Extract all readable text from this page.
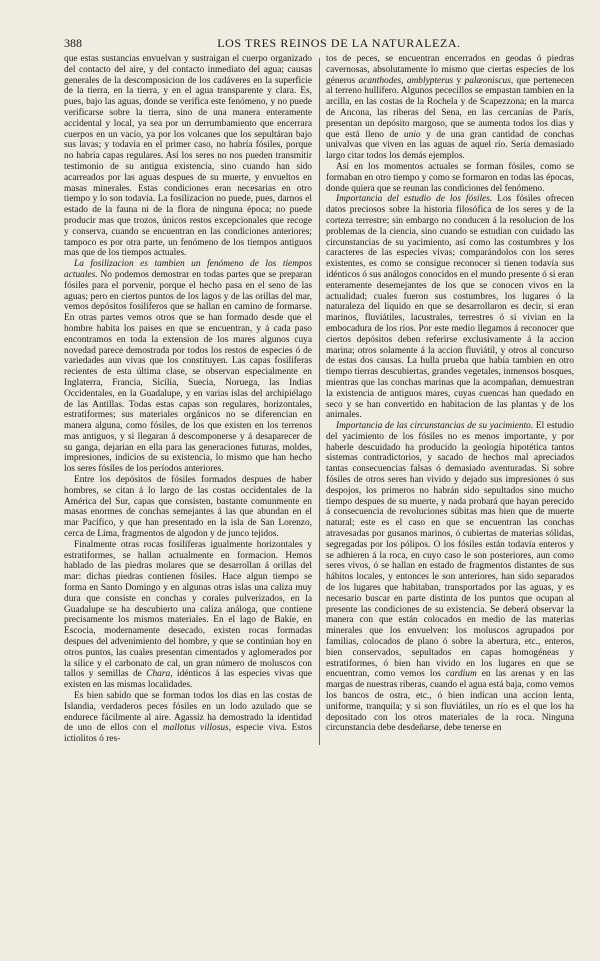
388	LOS TRES REINOS DE LA NATURALEZA.

que estas sustancias envuelvan y sustraigan el cuerpo organizado del contacto del aire, y del contacto inmediato del agua; causas generales de la descomposicion de los cadáveres en la superficie de la tierra, en la tierra, y en el agua transparente y clara. Es, pues, bajo las aguas, donde se verifica este fenómeno, y no puede verificarse sobre la tierra, sino de una manera enteramente accidental y local, ya sea por un derrumbamiento que encerrara cuerpos en un vacío, ya por los volcanes que los sepultáran bajo sus lavas; y todavía en el primer caso, no habría fósiles, porque no habría capas regulares. Así los seres no nos pueden transmitir testimonio de su antigua existencia, sino cuando han sido acarreados por las aguas despues de su muerte, y envueltos en masas minerales. Estas condiciones eran necesarias en otro tiempo y lo son todavía. La fosilizacion no puede, pues, darnos el estado de la fauna ni de la flora de ninguna época; no puede producir mas que trozos, únicos restos excepcionales que recoge y conserva, cuando se encuentran en las condiciones anteriores; tampoco es por otra parte, un fenómeno de los tiempos antiguos mas que de los tiempos actuales.

La fosilizacion es tambien un fenómeno de los tiempos actuales. No podemos demostrar en todas partes que se preparan fósiles para el porvenir, porque el hecho pasa en el seno de las aguas; pero en ciertos puntos de los lagos y de las orillas del mar, vemos depósitos fosilíferos que se hallan en camino de formarse. En otras partes vemos otros que se han formado desde que el hombre habita los paises en que se encuentran, y á cada paso encontramos en toda la extension de los mares algunos cuya novedad parece demostrada por todos los restos de especies ó de variedades aun vivas que los constituyen. Las capas fosilíferas recientes de esta última clase, se observan especialmente en Inglaterra, Francia, Sicilia, Suecia, Noruega, las Indias Occidentales, en la Guadalupe, y en varias islas del archipiélago de las Antillas. Todas estas capas son regulares, horizontales, estratiformes; sus materiales orgánicos no se diferencian en manera alguna, como fósiles, de los que existen en los terrenos mas antiguos, y si llegaran á descomponerse y á desaparecer de su ganga, dejarian en ella para las generaciones futuras, moldes, impresiones, indicios de su existencia, lo mismo que han hecho los seres fósiles de los períodos anteriores.

Entre los depósitos de fósiles formados despues de haber hombres, se citan á lo largo de las costas occidentales de la América del Sur, capas que consisten, bastante comunmente en masas enormes de conchas semejantes á las que abundan en el mar Pacífico, y que han presentado en la isla de San Lorenzo, cerca de Lima, fragmentos de algodon y de junco tejidos.

Finalmente otras rocas fosilíferas igualmente horizontales y estratiformes, se hallan actualmente en formacion. Hemos hablado de las piedras molares que se desarrollan á orillas del mar: dichas piedras contienen fósiles. Hace algun tiempo se forma en Santo Domingo y en algunas otras islas una caliza muy dura que consiste en conchas y corales pulverizados, en la Guadalupe se ha descubierto una caliza análoga, que contiene precisamente los mismos materiales. En el lago de Bakie, en Escocia, modernamente desecado, existen rocas formadas despues del advenimiento del hombre, y que se continúan hoy en otros puntos, las cuales presentan cimentados y aglomerados por la sílice y el carbonato de cal, un gran número de moluscos con tallos y semillas de Chara, idénticos á las especies vivas que existen en las mismas localidades.

Es bien sabido que se forman todos los dias en las costas de Islandia, verdaderos peces fósiles en un lodo azulado que se endurece fácilmente al aire. Agassiz ha demostrado la identidad de uno de ellos con el mallotus villosus, especie viva. Estos ictiolitos ó res-

tos de peces, se encuentran encerrados en geodas ó piedras cavernosas, absolutamente lo mismo que ciertas especies de los géneros acanthodes, amblypterus y palæoniscus, que pertenecen al terreno hullífero. Algunos pececillos se empastan tambien en la arcilla, en las costas de la Rochela y de Scapezzona; en la marca de Ancona, las riberas del Sena, en las cercanías de París, presentan un depósito margoso, que se aumenta todos los dias y que está lleno de unio y de una gran cantidad de conchas univalvas que viven en las aguas de aquel río. Sería demasiado largo citar todos los demás ejemplos.

Así en los momentos actuales se forman fósiles, como se formaban en otro tiempo y como se formaron en todas las épocas, donde quiera que se reunan las condiciones del fenómeno.

Importancia del estudio de los fósiles. Los fósiles ofrecen datos preciosos sobre la historia filosófica de los seres y de la corteza terrestre; sin embargo no conducen á la resolucion de los problemas de la ciencia, sino cuando se estudian con cuidado las circunstancias de su yacimiento, así como las costumbres y los caracteres de las especies vivas; comparándolos con los seres existentes, es como se consigue reconocer si tienen todavía sus idénticos ó sus análogos conocidos en el mundo presente ó si eran enteramente desemejantes de los que se conocen vivos en la actualidad; cuales fueron sus costumbres, los lugares ó la naturaleza del líquido en que se desarrollaron es decir, si eran marinos, fluviátiles, lacustrales, terrestres ó si vivian en la embocadura de los ríos. Por este medio llegamos á reconocer que ciertos depósitos deben referirse exclusivamente á la accion marina; otros solamente á la accion fluviátil, y otros al concurso de estas dos causas. La hulla prueba que había tambien en otro tiempo tierras descubiertas, grandes vegetales, inmensos bosques, mientras que las conchas marinas que la acompañan, demuestran la existencia de antiguos mares, cuyas cuencas han quedado en seco y se han convertido en habitacion de las plantas y de los animales.

Importancia de las circunstancias de su yacimiento. El estudio del yacimiento de los fósiles no es menos importante, y por haberle descuidado ha producido la geología hipotética tantos sistemas contradictorios, y sacado de hechos mal apreciados tantas consecuencias falsas ó demasiado aventuradas. Si sobre fósiles de otros seres han vivido y dejado sus impresiones ó sus despojos, los primeros no habrán sido sepultados sino mucho tiempo despues de su muerte, y nada probará que hayan perecido á consecuencia de revoluciones súbitas mas bien que de muerte natural; este es el caso en que se encuentran las conchas atravesadas por gusanos marinos, ó cubiertas de materias sólidas, segregadas por los pólipos. O los fósiles están todavía enteros y se adhieren á la roca, en cuyo caso le son posteriores, aun como seres vivos, ó se hallan en estado de fragmentos distantes de sus hábitos locales, y entonces le son anteriores, han sido separados de los lugares que habitaban, transportados por las aguas, y es necesario buscar en parte distinta de los puntos que ocupan al presente las condiciones de su existencia. Se deberá observar la manera con que están colocados en medio de las materias minerales que los envuelven: los moluscos agrupados por familias, colocados de plano ó sobre la abertura, etc., enteros, bien conservados, sepultados en capas homogéneas y estratiformes, ó bien han vivido en los lugares en que se encuentran, como vemos los cardium en las arenas y en las margas de nuestras riberas, cuando el agua está baja, como vemos los bancos de ostra, etc., ó bien indican una accion lenta, uniforme, tranquila; y si son fluviátiles, un río es el que los ha depositado con los otros materiales de la roca. Ninguna circunstancia debe desdeñarse, debe tenerse en
